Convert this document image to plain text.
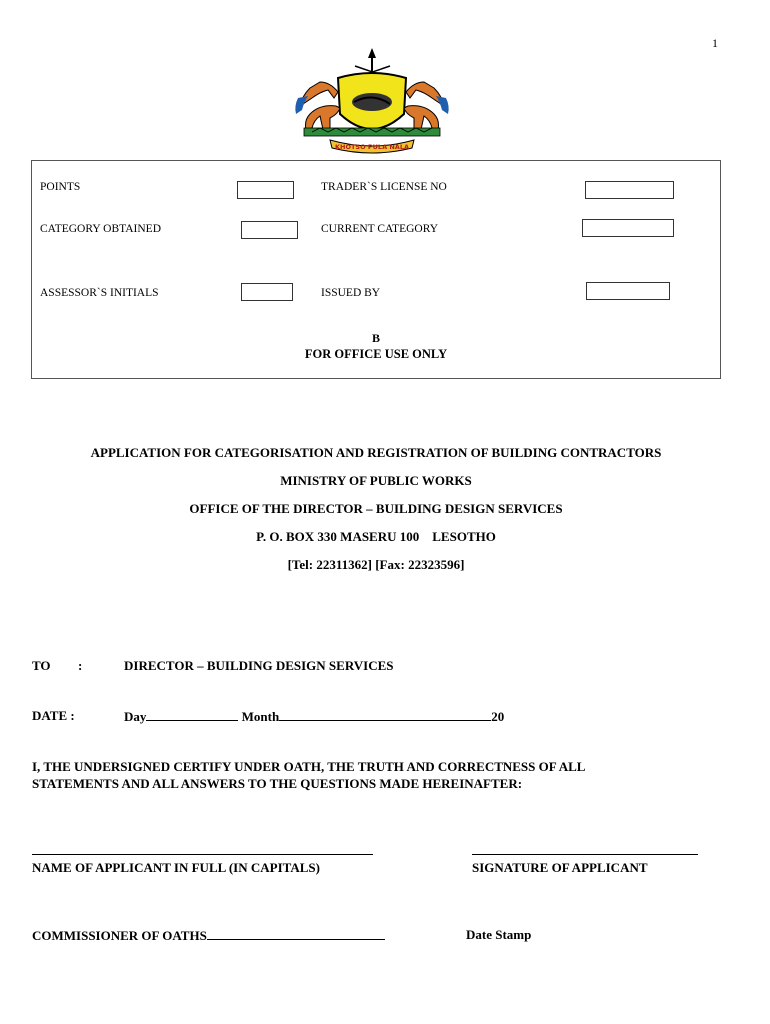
1
KHOTSO PULA NALA
POINTS	TRADER`S LICENSE NO
CATEGORY OBTAINED	CURRENT CATEGORY
ASSESSOR`S INITIALS	ISSUED BY
B
FOR OFFICE USE ONLY
APPLICATION FOR CATEGORISATION AND REGISTRATION OF BUILDING CONTRACTORS
MINISTRY OF PUBLIC WORKS
OFFICE OF THE DIRECTOR – BUILDING DESIGN SERVICES
P. O. BOX 330 MASERU 100    LESOTHO
[Tel: 22311362] [Fax: 22323596]
TO :	DIRECTOR – BUILDING DESIGN SERVICES
DATE :	Day	Month	20
I, THE UNDERSIGNED CERTIFY UNDER OATH, THE TRUTH AND CORRECTNESS OF ALL
STATEMENTS AND ALL ANSWERS TO THE QUESTIONS MADE HEREINAFTER:
NAME OF APPLICANT IN FULL (IN CAPITALS)	SIGNATURE OF APPLICANT
COMMISSIONER OF OATHS	Date Stamp
